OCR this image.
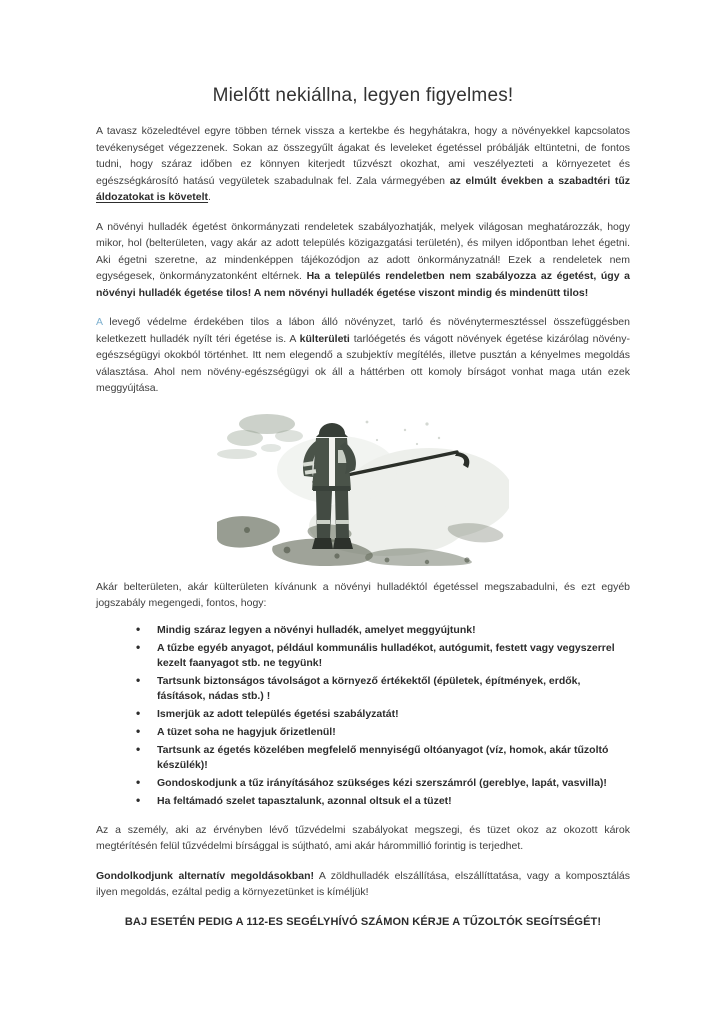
Mielőtt nekiállna, legyen figyelmes!

A tavasz közeledtével egyre többen térnek vissza a kertekbe és hegyhátakra, hogy a növényekkel kapcsolatos tevékenységet végezzenek. Sokan az összegyűlt ágakat és leveleket égetéssel próbálják eltüntetni, de fontos tudni, hogy száraz időben ez könnyen kiterjedt tűzvészt okozhat, ami veszélyezteti a környezetet és egészségkárosító hatású vegyületek szabadulnak fel. Zala vármegyében az elmúlt években a szabadtéri tűz áldozatokat is követelt.

A növényi hulladék égetést önkormányzati rendeletek szabályozhatják, melyek világosan meghatározzák, hogy mikor, hol (belterületen, vagy akár az adott település közigazgatási területén), és milyen időpontban lehet égetni. Aki égetni szeretne, az mindenképpen tájékozódjon az adott önkormányzatnál! Ezek a rendeletek nem egységesek, önkormányzatonként eltérnek. Ha a település rendeletben nem szabályozza az égetést, úgy a növényi hulladék égetése tilos! A nem növényi hulladék égetése viszont mindig és mindenütt tilos!

A levegő védelme érdekében tilos a lábon álló növényzet, tarló és növénytermesztéssel összefüggésben keletkezett hulladék nyílt téri égetése is. A külterületi tarlóégetés és vágott növények égetése kizárólag növény-egészségügyi okokból történhet. Itt nem elegendő a szubjektív megítélés, illetve pusztán a kényelmes megoldás választása. Ahol nem növény-egészségügyi ok áll a háttérben ott komoly bírságot vonhat maga után ezek meggyújtása.

Akár belterületen, akár külterületen kívánunk a növényi hulladéktól égetéssel megszabadulni, és ezt egyéb jogszabály megengedi, fontos, hogy:

• Mindig száraz legyen a növényi hulladék, amelyet meggyújtunk!
• A tűzbe egyéb anyagot, például kommunális hulladékot, autógumit, festett vagy vegyszerrel kezelt faanyagot stb. ne tegyünk!
• Tartsunk biztonságos távolságot a környező értékektől (épületek, építmények, erdők, fásítások, nádas stb.) !
• Ismerjük az adott település égetési szabályzatát!
• A tüzet soha ne hagyjuk őrizetlenül!
• Tartsunk az égetés közelében megfelelő mennyiségű oltóanyagot (víz, homok, akár tűzoltó készülék)!
• Gondoskodjunk a tűz irányításához szükséges kézi szerszámról (gereblye, lapát, vasvilla)!
• Ha feltámadó szelet tapasztalunk, azonnal oltsuk el a tüzet!

Az a személy, aki az érvényben lévő tűzvédelmi szabályokat megszegi, és tüzet okoz az okozott károk megtérítésén felül tűzvédelmi bírsággal is sújtható, ami akár hárommillió forintig is terjedhet.

Gondolkodjunk alternatív megoldásokban! A zöldhulladék elszállítása, elszállíttatása, vagy a komposztálás ilyen megoldás, ezáltal pedig a környezetünket is kíméljük!

BAJ ESETÉN PEDIG A 112-ES SEGÉLYHÍVÓ SZÁMON KÉRJE A TŰZOLTÓK SEGÍTSÉGÉT!
